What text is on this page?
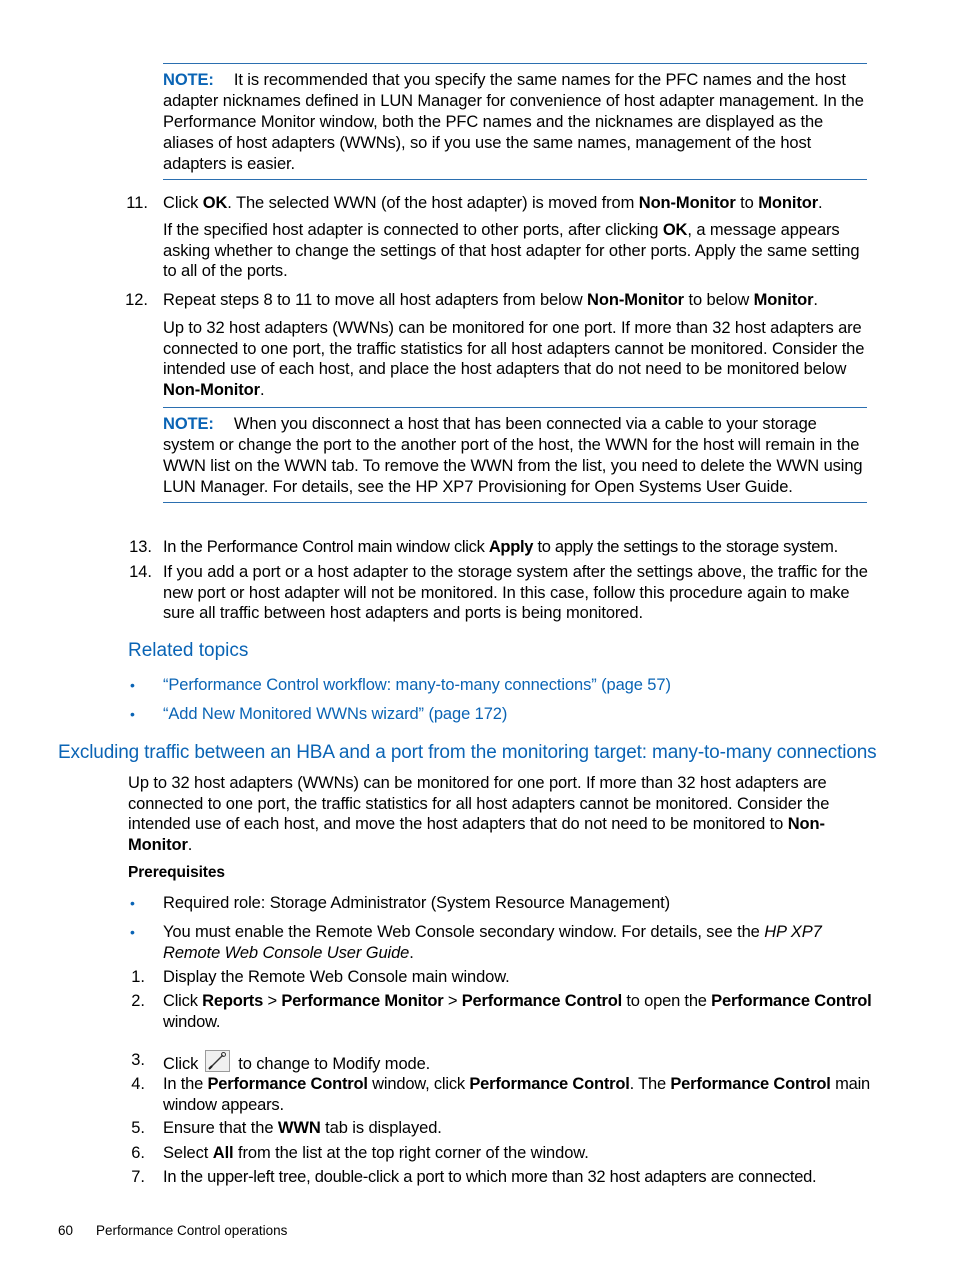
NOTE: It is recommended that you specify the same names for the PFC names and the host adapter nicknames defined in LUN Manager for convenience of host adapter management. In the Performance Monitor window, both the PFC names and the nicknames are displayed as the aliases of host adapters (WWNs), so if you use the same names, management of the host adapters is easier.
11. Click OK. The selected WWN (of the host adapter) is moved from Non-Monitor to Monitor.
If the specified host adapter is connected to other ports, after clicking OK, a message appears asking whether to change the settings of that host adapter for other ports. Apply the same setting to all of the ports.
12. Repeat steps 8 to 11 to move all host adapters from below Non-Monitor to below Monitor.
Up to 32 host adapters (WWNs) can be monitored for one port. If more than 32 host adapters are connected to one port, the traffic statistics for all host adapters cannot be monitored. Consider the intended use of each host, and place the host adapters that do not need to be monitored below Non-Monitor.
NOTE: When you disconnect a host that has been connected via a cable to your storage system or change the port to the another port of the host, the WWN for the host will remain in the WWN list on the WWN tab. To remove the WWN from the list, you need to delete the WWN using LUN Manager. For details, see the HP XP7 Provisioning for Open Systems User Guide.
13. In the Performance Control main window click Apply to apply the settings to the storage system.
14. If you add a port or a host adapter to the storage system after the settings above, the traffic for the new port or host adapter will not be monitored. In this case, follow this procedure again to make sure all traffic between host adapters and ports is being monitored.
Related topics
• “Performance Control workflow: many-to-many connections” (page 57)
• “Add New Monitored WWNs wizard” (page 172)
Excluding traffic between an HBA and a port from the monitoring target: many-to-many connections
Up to 32 host adapters (WWNs) can be monitored for one port. If more than 32 host adapters are connected to one port, the traffic statistics for all host adapters cannot be monitored. Consider the intended use of each host, and move the host adapters that do not need to be monitored to Non-Monitor.
Prerequisites
• Required role: Storage Administrator (System Resource Management)
• You must enable the Remote Web Console secondary window. For details, see the HP XP7 Remote Web Console User Guide.
1. Display the Remote Web Console main window.
2. Click Reports > Performance Monitor > Performance Control to open the Performance Control window.
3. Click to change to Modify mode.
4. In the Performance Control window, click Performance Control. The Performance Control main window appears.
5. Ensure that the WWN tab is displayed.
6. Select All from the list at the top right corner of the window.
7. In the upper-left tree, double-click a port to which more than 32 host adapters are connected.
60 Performance Control operations
